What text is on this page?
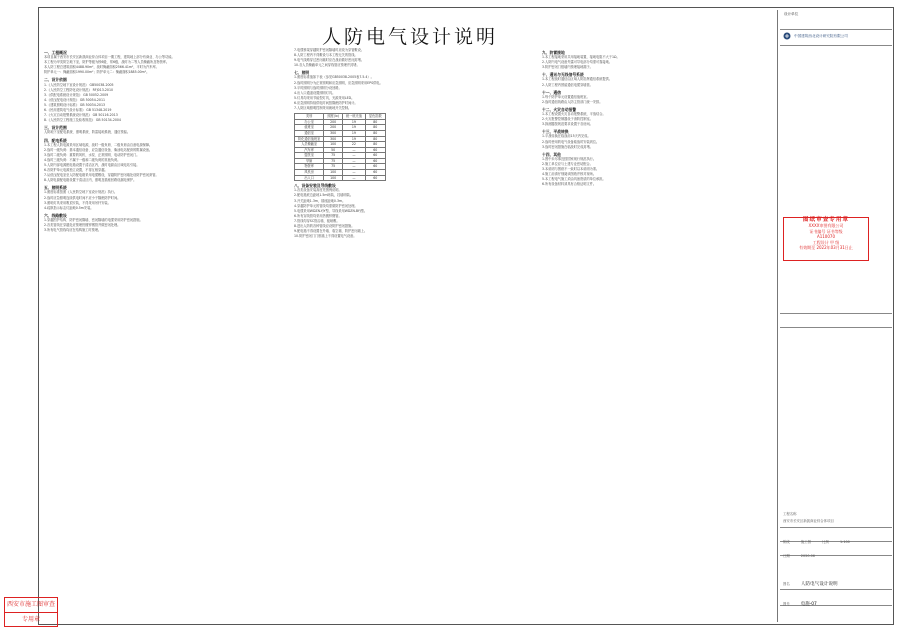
人防电气设计说明

一、工程概况

本项目属于西安市长安区新凯商业综合体项目一期工程，建筑地上部分有商业、办公等功能。

本工程为甲类防空地下室，防护等级为核6级、常6级，战时为二等人员掩蔽所及物资库。

本人防工程总建筑面积4488.90m²，战时掩蔽面积2566.41m²，平时为汽车库。

防护单元一：掩蔽面积1990.00m²；防护单元二：掩蔽面积1885.00m²。

二、设计依据

1.《人民防空地下室设计规范》 GB50038-2005

2.《人民防空工程防化设计规范》 RFJ013-2010

3.《供配电系统设计规范》 GB 50052-2009

4.《低压配电设计规范》 GB 50054-2011

5.《建筑照明设计标准》 GB 50034-2013

6.《民用建筑电气设计标准》 GB 51348-2019

7.《火灾自动报警系统设计规范》 GB 50116-2013

8.《人民防空工程施工及验收规范》 GB 50134-2004

三、设计范围

人防地下室配电系统、照明系统、防雷接地系统、通信预留。

四、配电系统

1.本工程人防电源采用区域电源，战时一级负荷、二级负荷由自备电源保障。

2.战时一级负荷：基本通信设备、应急通信设备、柴油电站配套的附属设备。

3.战时二级负荷：重要的风机、水泵、正常照明、电动防护密闭门。

4.战时三级负荷：不属于一级和二级负荷的其他负荷。

5.人防内部电源配电箱设置于清洁区内，战时电源由区域电站引接。

6.各防护单元电源独立设置，不得互相穿越。

7.从低压配电室至人防配电箱采用电缆敷设，穿越防护密闭墙处设防护密闭套管。

8.人防电源配电箱设置于清洁区内，照明及插座回路设漏电保护。

五、照明系统

1.照度标准按照《人民防空地下室设计规范》执行。

2.战时应急照明连续供电时间不应小于隔绝防护时间。

3.照明灯具采用吸顶安装，不得采用吊杆安装。

4.疏散指示标志灯距地0.5m安装。

六、线路敷设

1.穿越围护结构、防护密闭隔墙、密闭隔墙的电缆采用防护密闭措施。

2.各类管线在穿越处应预埋热镀锌钢管并做密闭处理。

3.所有电气管线均应在结构施工时预埋。

7.电缆桥架穿越防护密闭隔墙时应改为穿管敷设。

8.人防工程内不得敷设与本工程无关的管线。

9.电气线路穿过密闭墙时应在战前做好密闭封堵。

10.各人员掩蔽单元之间穿线管应预埋并封堵。

七、照明

1.照度标准值如下表（参见GB50038-2005表7.5.4）。

2.战时照明分为正常照明和应急照明，应急照明采用EPS供电。

3.平时照明与战时照明分设回路。

4.出入口通道设置照明灯具。

5.灯具均采用节能型灯具，光源采用LED。

6.应急照明持续供电时间按隔绝防护时间计。

7.人防区域照明控制采用就地开关控制。

类别	照度(lx)	统一眩光值	显色指数
办公室	200	19	80
值班室	200	19	80
通信室	300	19	80
防化通信值班室	300	19	80
人员掩蔽室	100	22	80
汽车库	50	—	60
盥洗室	75	—	60
旱厕	75	—	60
物资库	75	—	60
风机房	100	—	60
出入口	100	—	60

八、设备安装及导线敷设

1.各类设备安装高度见图例说明。

2.配电箱底边距地1.5m暗装，挂墙明装。

3.开关距地1.3m，插座距地0.3m。

4.穿越防护单元的管线均需做防护密闭处理。

5.电缆采用WDZN-YJY型，导线采用WDZN-BYJ型。

6.所有穿线管均采用热镀锌钢管。

7.管线均穿SC管沿墙、板暗敷。

8.进出人防的各种管线应设防护密闭措施。

9.配电箱不得设置在外墙、临空墙、防护密闭墙上。

10.防护密闭门门框墙上不得设置电气设备。

九、防雷接地

1.本工程接地采用共用接地装置，接地电阻不大于1Ω。

2.人防内电气设备外露可导电部分均需可靠接地。

3.防护密闭门框墙内预埋接地端子。

十、通讯与无线信号系统

1.本工程战时通信由区域人防指挥通信系统提供。

2.人防工程内预留通信电缆穿墙管。

十一、通信

1.每个防护单元设置通信值班室。

2.战时通信线路由人防主管部门统一安排。

十二、火灾自动报警

1.本工程设置火灾自动报警系统，平战结合。

2.火灾报警控制器设于消防控制室。

3.探测器按规范要求设置于各房间。

十三、平战转换

1.平战转换在临战前15天内完成。

2.战时使用的电气设备临战时安装到位。

3.战时密闭措施在临战时完成封堵。

十四、其他

1.图中未尽事宜按国家现行规范执行。

2.施工单位应与土建专业密切配合。

3.本说明与图纸不一致时以本说明为准。

4.施工前请仔细阅读图纸并核对现场。

5.本工程电气施工须由具备资质的单位承担。

6.所有设备材料须具有合格证明文件。

设计单位
中国建筑西北设计研究院有限公司
图纸审查专用章
XXXX审图有限公司
证书编号 证书等级
A110070
工程设计 甲 级
有效期至 2022年03月31日止
工程名称
西安市长安区新凯商业综合体项目
阶段	施工图	比例	1:100
日期	2020.06
图名 人防电气设计说明
图号	电施-07
西安市施工图审查
专用章
